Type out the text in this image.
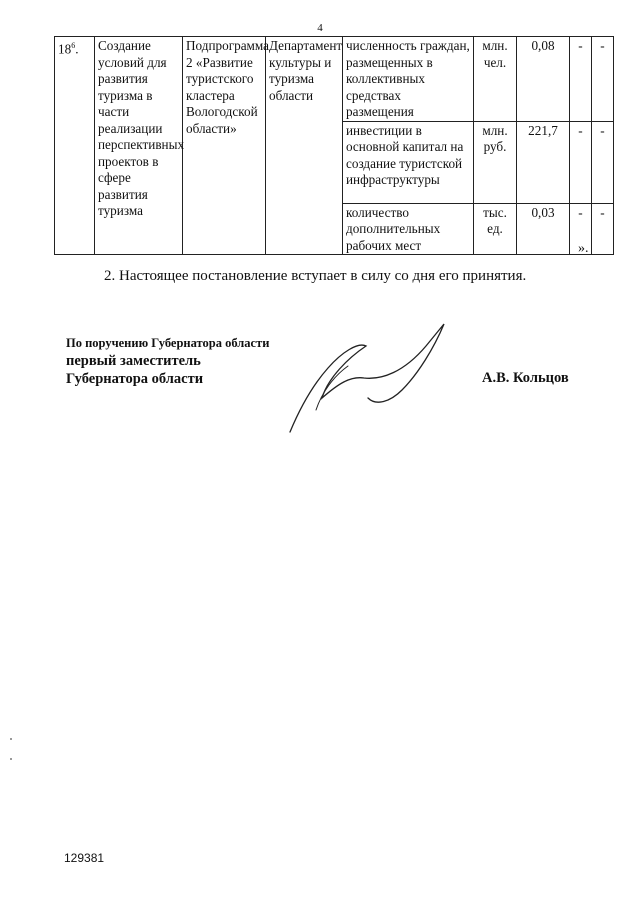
4
$18^6$.	Создание условий для развития туризма в части реализации перспективных проектов в сфере развития туризма	Подпрограмма 2 «Развитие туристского кластера Вологодской области»	Департамент культуры и туризма области	численность граждан, размещенных в коллективных средствах размещения	млн. чел.	0,08	-	-
				инвестиции в основной капитал на создание туристской инфраструктуры	млн. руб.	221,7	-	-
				количество дополнительных рабочих мест	тыс. ед.	0,03	-	-
».
2. Настоящее постановление вступает в силу со дня его принятия.
По поручению Губернатора области
первый заместитель
Губернатора области	А.В. Кольцов
129381
